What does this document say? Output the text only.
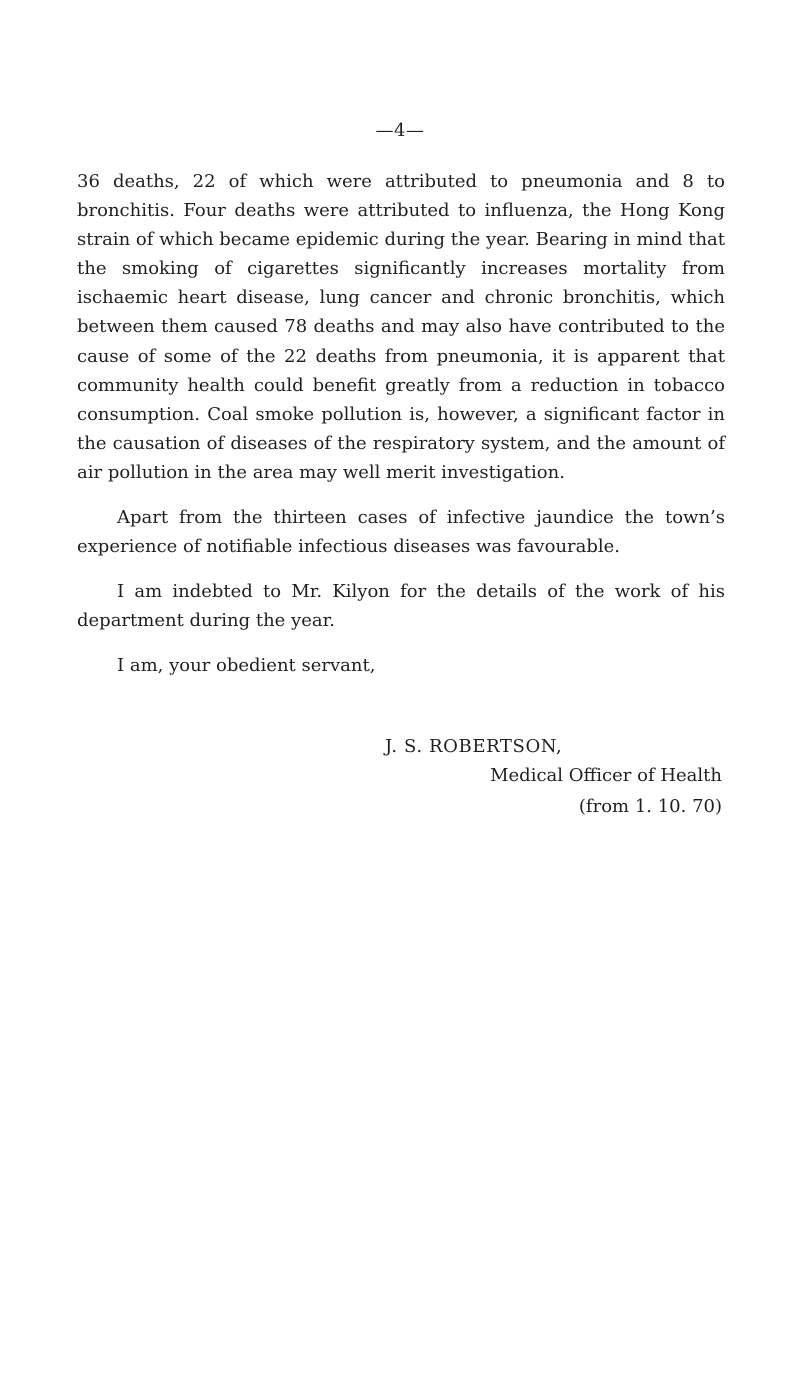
—4—

36 deaths, 22 of which were attributed to pneumonia and 8 to bronchitis. Four deaths were attributed to influenza, the Hong Kong strain of which became epidemic during the year. Bearing in mind that the smoking of cigarettes significantly increases mortality from ischaemic heart disease, lung cancer and chronic bronchitis, which between them caused 78 deaths and may also have contributed to the cause of some of the 22 deaths from pneumonia, it is apparent that community health could benefit greatly from a reduction in tobacco consumption. Coal smoke pollution is, however, a significant factor in the causation of diseases of the respiratory system, and the amount of air pollution in the area may well merit investigation.

Apart from the thirteen cases of infective jaundice the town’s experience of notifiable infectious diseases was favourable.

I am indebted to Mr. Kilyon for the details of the work of his department during the year.

I am, your obedient servant,

J. S. ROBERTSON,
Medical Officer of Health
(from 1. 10. 70)
